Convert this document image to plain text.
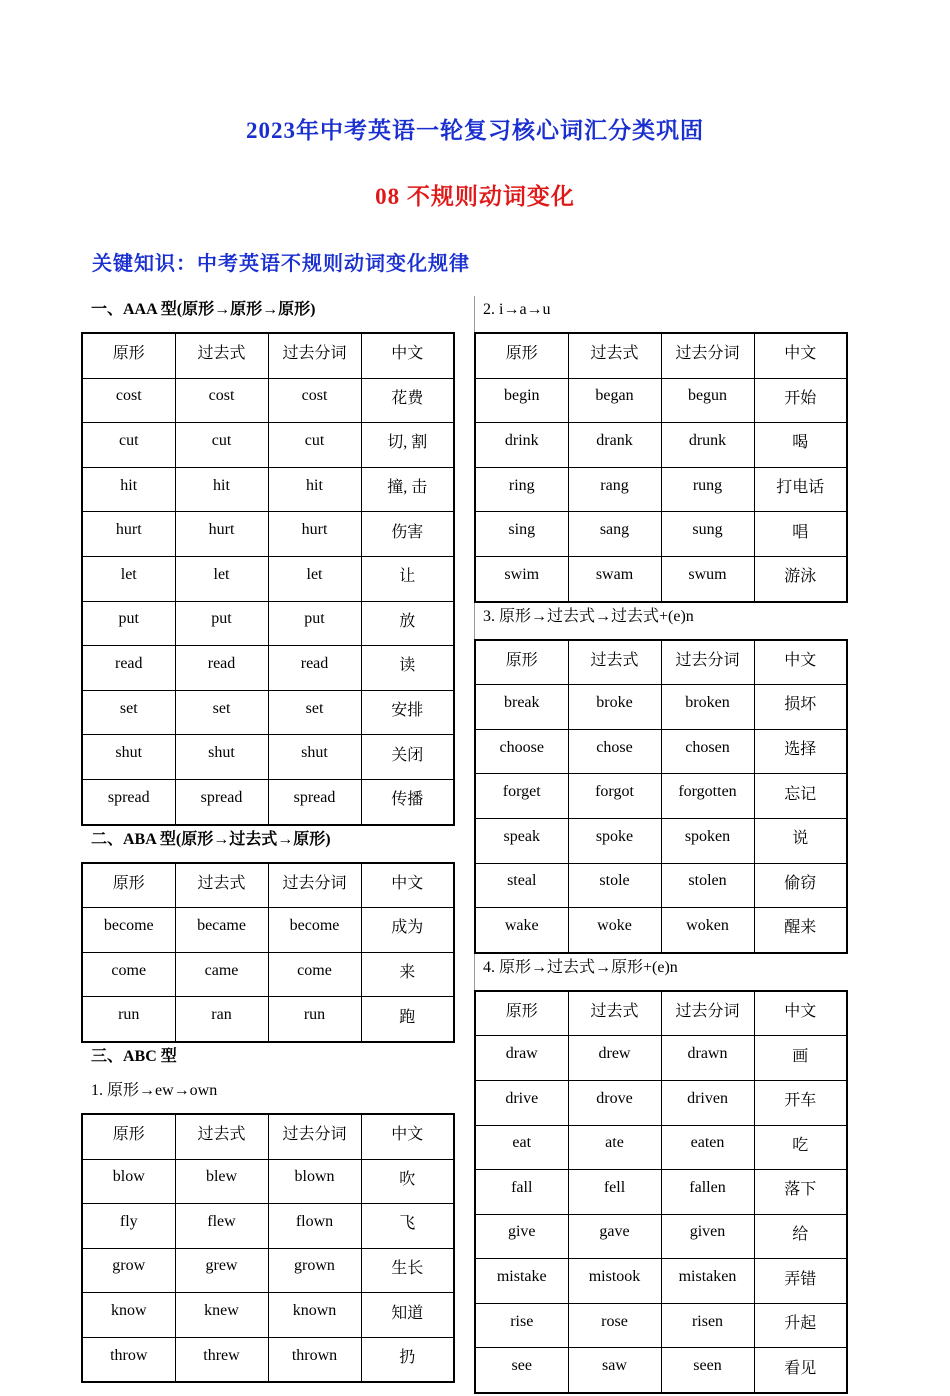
2023年中考英语一轮复习核心词汇分类巩固
08 不规则动词变化
关键知识：中考英语不规则动词变化规律
一、AAA 型(原形→原形→原形)
原形	过去式	过去分词	中文
cost	cost	cost	花费
cut	cut	cut	切, 割
hit	hit	hit	撞, 击
hurt	hurt	hurt	伤害
let	let	let	让
put	put	put	放
read	read	read	读
set	set	set	安排
shut	shut	shut	关闭
spread	spread	spread	传播
二、ABA 型(原形→过去式→原形)
原形	过去式	过去分词	中文
become	became	become	成为
come	came	come	来
run	ran	run	跑
三、ABC 型
1. 原形→ew→own
原形	过去式	过去分词	中文
blow	blew	blown	吹
fly	flew	flown	飞
grow	grew	grown	生长
know	knew	known	知道
throw	threw	thrown	扔
2. i→a→u
原形	过去式	过去分词	中文
begin	began	begun	开始
drink	drank	drunk	喝
ring	rang	rung	打电话
sing	sang	sung	唱
swim	swam	swum	游泳
3. 原形→过去式→过去式+(e)n
原形	过去式	过去分词	中文
break	broke	broken	损坏
choose	chose	chosen	选择
forget	forgot	forgotten	忘记
speak	spoke	spoken	说
steal	stole	stolen	偷窃
wake	woke	woken	醒来
4. 原形→过去式→原形+(e)n
原形	过去式	过去分词	中文
draw	drew	drawn	画
drive	drove	driven	开车
eat	ate	eaten	吃
fall	fell	fallen	落下
give	gave	given	给
mistake	mistook	mistaken	弄错
rise	rose	risen	升起
see	saw	seen	看见
